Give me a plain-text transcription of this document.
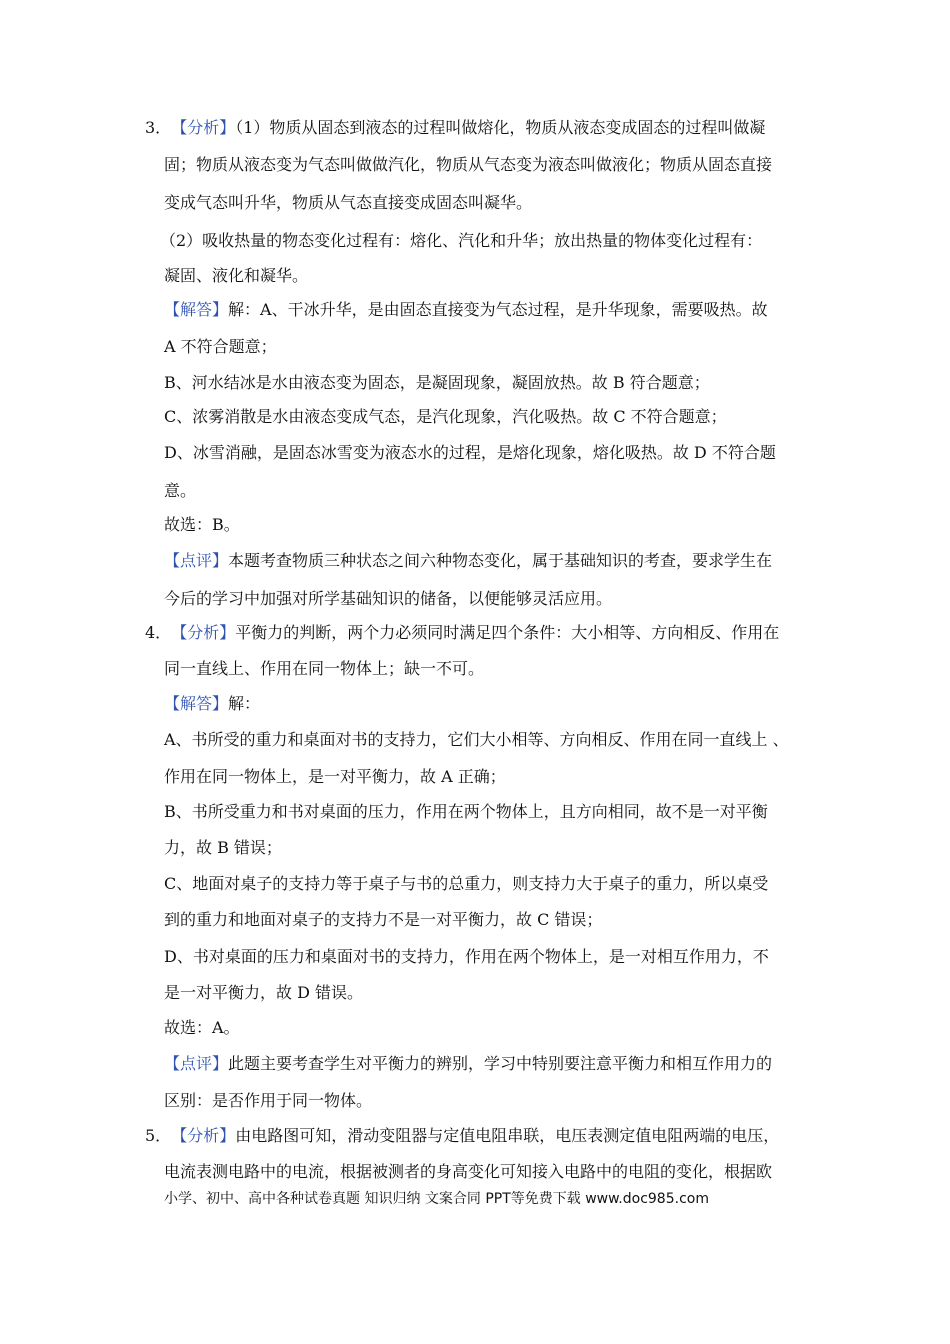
3．【分析】（1）物质从固态到液态的过程叫做熔化，物质从液态变成固态的过程叫做凝
固；物质从液态变为气态叫做做汽化，物质从气态变为液态叫做液化；物质从固态直接
变成气态叫升华，物质从气态直接变成固态叫凝华。
（2）吸收热量的物态变化过程有：熔化、汽化和升华；放出热量的物体变化过程有：
凝固、液化和凝华。
【解答】解：A、干冰升华，是由固态直接变为气态过程，是升华现象，需要吸热。故
A 不符合题意；
B、河水结冰是水由液态变为固态，是凝固现象，凝固放热。故 B 符合题意；
C、浓雾消散是水由液态变成气态，是汽化现象，汽化吸热。故 C 不符合题意；
D、冰雪消融，是固态冰雪变为液态水的过程，是熔化现象，熔化吸热。故 D 不符合题
意。
故选：B。
【点评】本题考查物质三种状态之间六种物态变化，属于基础知识的考查，要求学生在
今后的学习中加强对所学基础知识的储备，以便能够灵活应用。
4．【分析】平衡力的判断，两个力必须同时满足四个条件：大小相等、方向相反、作用在
同一直线上、作用在同一物体上；缺一不可。
【解答】解：
A、书所受的重力和桌面对书的支持力，它们大小相等、方向相反、作用在同一直线上 、
作用在同一物体上，是一对平衡力，故 A 正确；
B、书所受重力和书对桌面的压力，作用在两个物体上，且方向相同，故不是一对平衡
力，故 B 错误；
C、地面对桌子的支持力等于桌子与书的总重力，则支持力大于桌子的重力，所以桌受
到的重力和地面对桌子的支持力不是一对平衡力，故 C 错误；
D、书对桌面的压力和桌面对书的支持力，作用在两个物体上，是一对相互作用力，不
是一对平衡力，故 D 错误。
故选：A。
【点评】此题主要考查学生对平衡力的辨别，学习中特别要注意平衡力和相互作用力的
区别：是否作用于同一物体。
5．【分析】由电路图可知，滑动变阻器与定值电阻串联，电压表测定值电阻两端的电压，
电流表测电路中的电流，根据被测者的身高变化可知接入电路中的电阻的变化，根据欧
小学、初中、高中各种试卷真题 知识归纳 文案合同 PPT等免费下载 www.doc985.com
